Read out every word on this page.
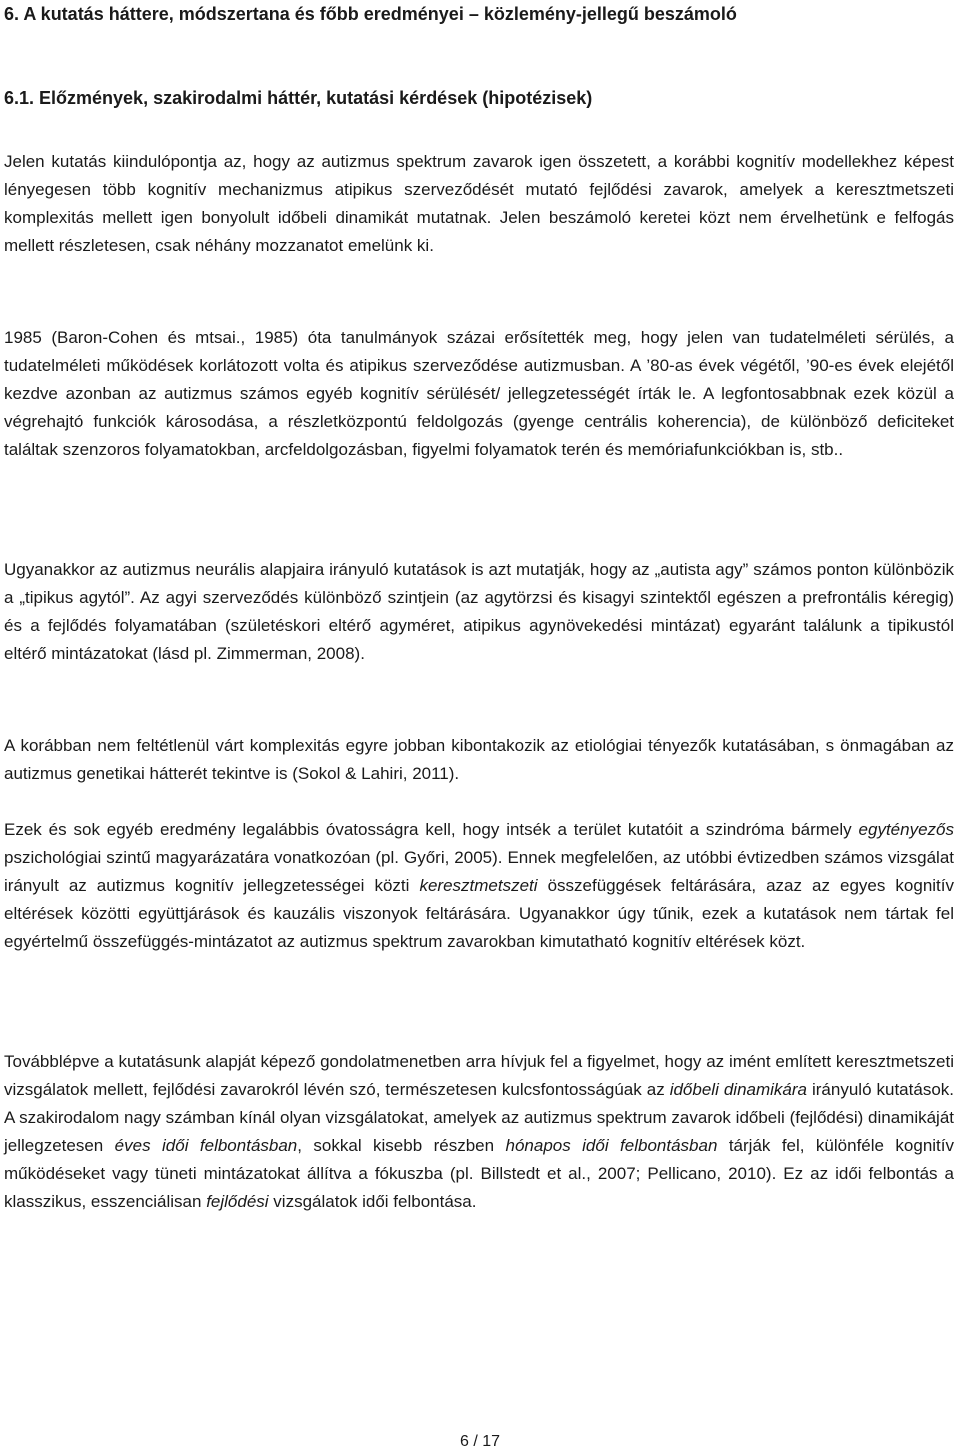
6. A kutatás háttere, módszertana és főbb eredményei – közlemény-jellegű beszámoló
6.1. Előzmények, szakirodalmi háttér, kutatási kérdések (hipotézisek)

Jelen kutatás kiindulópontja az, hogy az autizmus spektrum zavarok igen összetett, a korábbi kognitív modellekhez képest lényegesen több kognitív mechanizmus atipikus szerveződését mutató fejlődési zavarok, amelyek a keresztmetszeti komplexitás mellett igen bonyolult időbeli dinamikát mutatnak. Jelen beszámoló keretei közt nem érvelhetünk e felfogás mellett részletesen, csak néhány mozzanatot emelünk ki.

1985 (Baron-Cohen és mtsai., 1985) óta tanulmányok százai erősítették meg, hogy jelen van tudatelméleti sérülés, a tudatelméleti működések korlátozott volta és atipikus szerveződése autizmusban. A ’80-as évek végétől, ’90-es évek elejétől kezdve azonban az autizmus számos egyéb kognitív sérülését/ jellegzetességét írták le. A legfontosabbnak ezek közül a végrehajtó funkciók károsodása, a részletközpontú feldolgozás (gyenge centrális koherencia), de különböző deficiteket találtak szenzoros folyamatokban, arcfeldolgozásban, figyelmi folyamatok terén és memóriafunkciókban is, stb..

Ugyanakkor az autizmus neurális alapjaira irányuló kutatások is azt mutatják, hogy az „autista agy” számos ponton különbözik a „tipikus agytól”. Az agyi szerveződés különböző szintjein (az agytörzsi és kisagyi szintektől egészen a prefrontális kéregig) és a fejlődés folyamatában (születéskori eltérő agyméret, atipikus agynövekedési mintázat) egyaránt találunk a tipikustól eltérő mintázatokat (lásd pl. Zimmerman, 2008).

A korábban nem feltétlenül várt komplexitás egyre jobban kibontakozik az etiológiai tényezők kutatásában, s önmagában az autizmus genetikai hátterét tekintve is (Sokol & Lahiri, 2011).

Ezek és sok egyéb eredmény legalábbis óvatosságra kell, hogy intsék a terület kutatóit a szindróma bármely egytényezős pszichológiai szintű magyarázatára vonatkozóan (pl. Győri, 2005). Ennek megfelelően, az utóbbi évtizedben számos vizsgálat irányult az autizmus kognitív jellegzetességei közti keresztmetszeti összefüggések feltárására, azaz az egyes kognitív eltérések közötti együttjárások és kauzális viszonyok feltárására. Ugyanakkor úgy tűnik, ezek a kutatások nem tártak fel egyértelmű összefüggés-mintázatot az autizmus spektrum zavarokban kimutatható kognitív eltérések közt.

Továbblépve a kutatásunk alapját képező gondolatmenetben arra hívjuk fel a figyelmet, hogy az imént említett keresztmetszeti vizsgálatok mellett, fejlődési zavarokról lévén szó, természetesen kulcsfontosságúak az időbeli dinamikára irányuló kutatások. A szakirodalom nagy számban kínál olyan vizsgálatokat, amelyek az autizmus spektrum zavarok időbeli (fejlődési) dinamikáját jellegzetesen éves idői felbontásban, sokkal kisebb részben hónapos idői felbontásban tárják fel, különféle kognitív működéseket vagy tüneti mintázatokat állítva a fókuszba (pl. Billstedt et al., 2007; Pellicano, 2010). Ez az idői felbontás a klasszikus, esszenciálisan fejlődési vizsgálatok idői felbontása.

6 / 17
